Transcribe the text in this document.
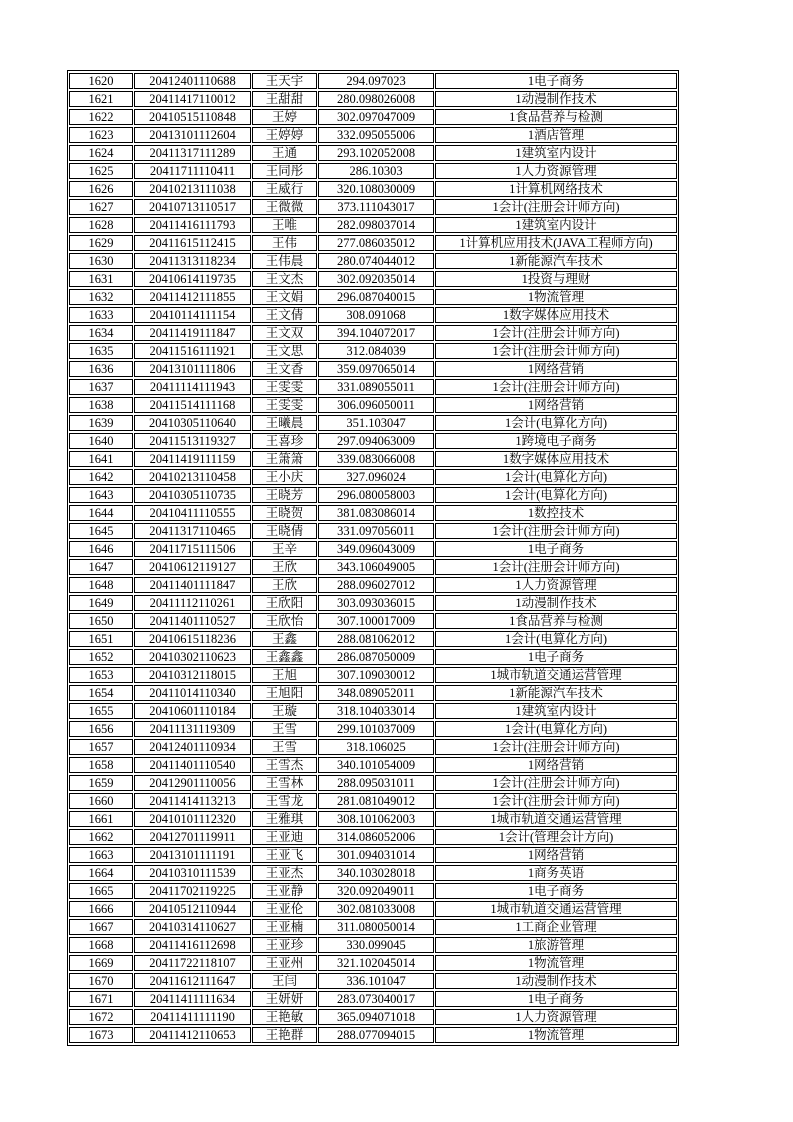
1620	20412401110688	王天宇	294.097023	1电子商务
1621	20411417110012	王甜甜	280.098026008	1动漫制作技术
1622	20410515110848	王婷	302.097047009	1食品营养与检测
1623	20413101112604	王婷婷	332.095055006	1酒店管理
1624	20411317111289	王通	293.102052008	1建筑室内设计
1625	20411711110411	王同彤	286.10303	1人力资源管理
1626	20410213111038	王威行	320.108030009	1计算机网络技术
1627	20410713110517	王微微	373.111043017	1会计(注册会计师方向)
1628	20411416111793	王唯	282.098037014	1建筑室内设计
1629	20411615112415	王伟	277.086035012	1计算机应用技术(JAVA工程师方向)
1630	20411313118234	王伟晨	280.074044012	1新能源汽车技术
1631	20410614119735	王文杰	302.092035014	1投资与理财
1632	20411412111855	王文娟	296.087040015	1物流管理
1633	20410114111154	王文倩	308.091068	1数字媒体应用技术
1634	20411419111847	王文双	394.104072017	1会计(注册会计师方向)
1635	20411516111921	王文思	312.084039	1会计(注册会计师方向)
1636	20413101111806	王文香	359.097065014	1网络营销
1637	20411114111943	王雯雯	331.089055011	1会计(注册会计师方向)
1638	20411514111168	王雯雯	306.096050011	1网络营销
1639	20410305110640	王曦晨	351.103047	1会计(电算化方向)
1640	20411513119327	王喜珍	297.094063009	1跨境电子商务
1641	20411419111159	王箫箫	339.083066008	1数字媒体应用技术
1642	20410213110458	王小庆	327.096024	1会计(电算化方向)
1643	20410305110735	王晓芳	296.080058003	1会计(电算化方向)
1644	20410411110555	王晓贺	381.083086014	1数控技术
1645	20411317110465	王晓倩	331.097056011	1会计(注册会计师方向)
1646	20411715111506	王辛	349.096043009	1电子商务
1647	20410612119127	王欣	343.106049005	1会计(注册会计师方向)
1648	20411401111847	王欣	288.096027012	1人力资源管理
1649	20411112110261	王欣阳	303.093036015	1动漫制作技术
1650	20411401110527	王欣怡	307.100017009	1食品营养与检测
1651	20410615118236	王鑫	288.081062012	1会计(电算化方向)
1652	20410302110623	王鑫鑫	286.087050009	1电子商务
1653	20410312118015	王旭	307.109030012	1城市轨道交通运营管理
1654	20411014110340	王旭阳	348.089052011	1新能源汽车技术
1655	20410601110184	王璇	318.104033014	1建筑室内设计
1656	20411131119309	王雪	299.101037009	1会计(电算化方向)
1657	20412401110934	王雪	318.106025	1会计(注册会计师方向)
1658	20411401110540	王雪杰	340.101054009	1网络营销
1659	20412901110056	王雪林	288.095031011	1会计(注册会计师方向)
1660	20411414113213	王雪龙	281.081049012	1会计(注册会计师方向)
1661	20410101112320	王雅琪	308.101062003	1城市轨道交通运营管理
1662	20412701119911	王亚迪	314.086052006	1会计(管理会计方向)
1663	20413101111191	王亚飞	301.094031014	1网络营销
1664	20410310111539	王亚杰	340.103028018	1商务英语
1665	20411702119225	王亚静	320.092049011	1电子商务
1666	20410512110944	王亚伦	302.081033008	1城市轨道交通运营管理
1667	20410314110627	王亚楠	311.080050014	1工商企业管理
1668	20411416112698	王亚珍	330.099045	1旅游管理
1669	20411722118107	王亚州	321.102045014	1物流管理
1670	20411612111647	王闫	336.101047	1动漫制作技术
1671	20411411111634	王妍妍	283.073040017	1电子商务
1672	20411411111190	王艳敏	365.094071018	1人力资源管理
1673	20411412110653	王艳群	288.077094015	1物流管理
